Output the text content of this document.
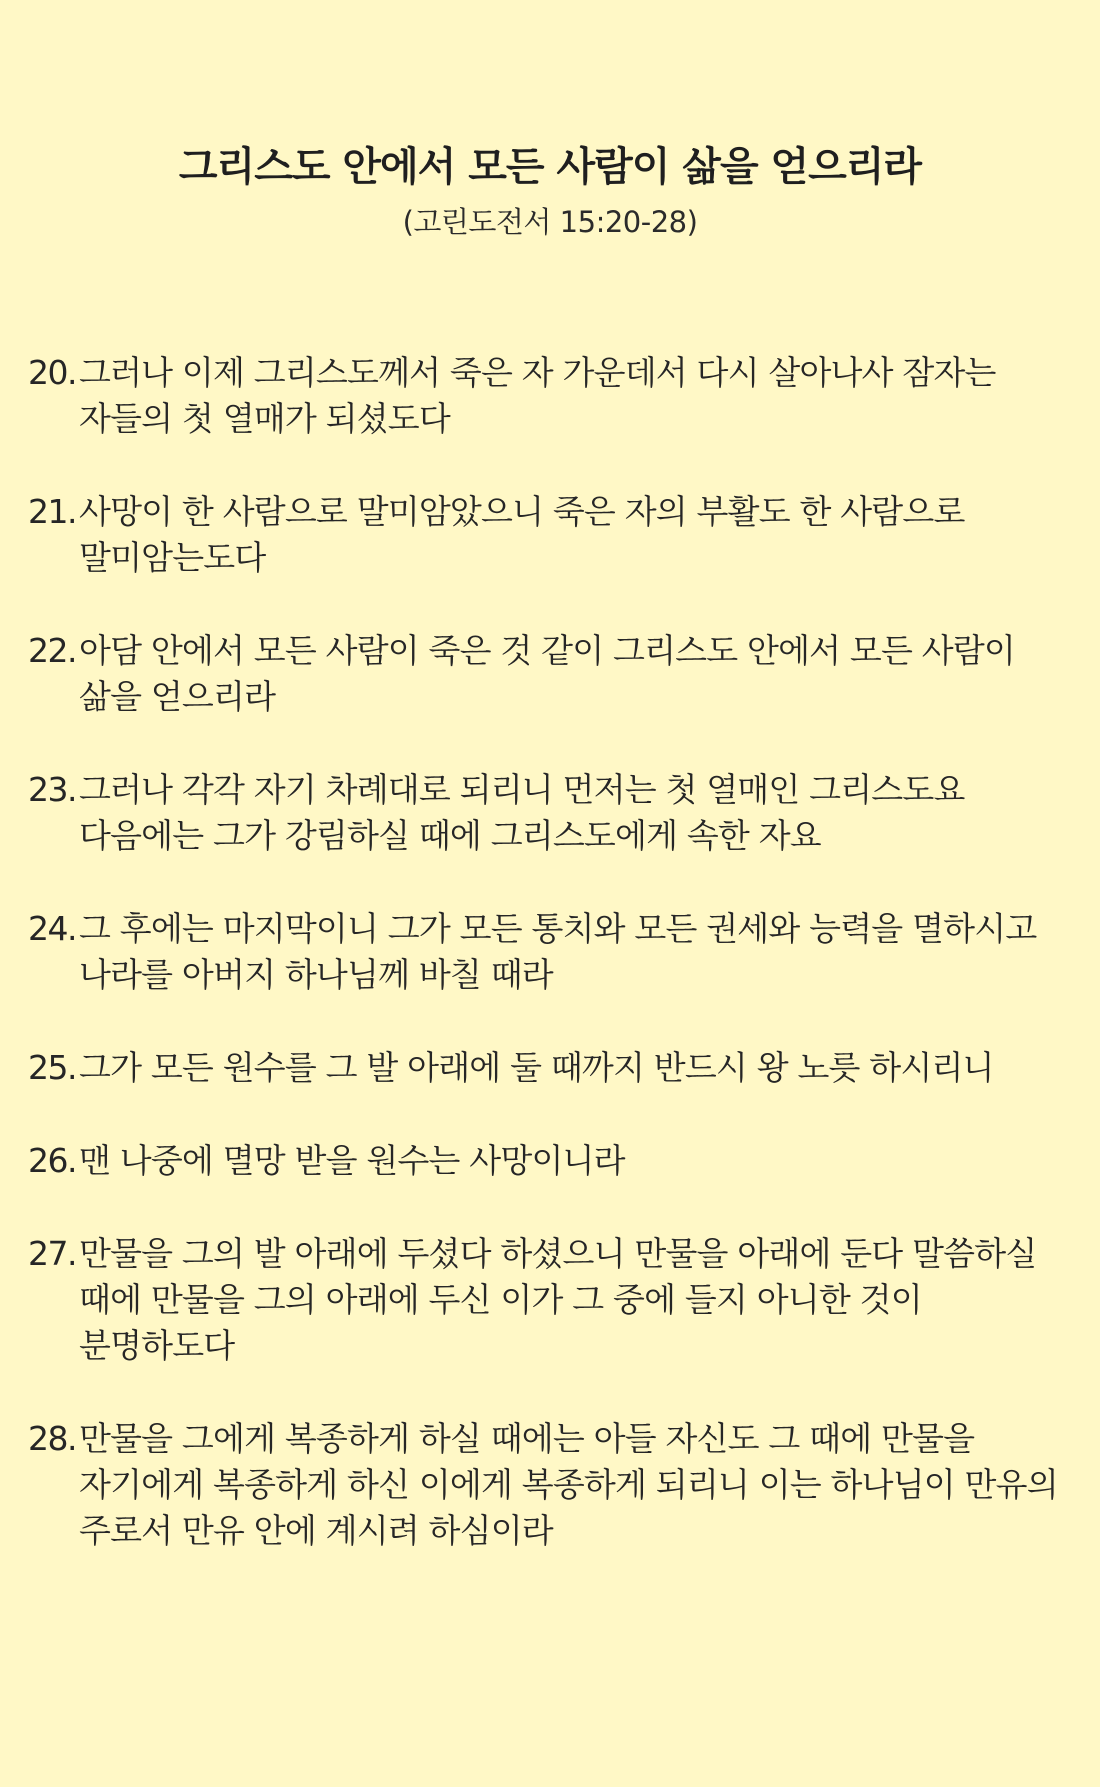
그리스도 안에서 모든 사람이 삶을 얻으리라

(고린도전서 15:20-28)

20. 그러나 이제 그리스도께서 죽은 자 가운데서 다시 살아나사 잠자는 자들의 첫 열매가 되셨도다
21. 사망이 한 사람으로 말미암았으니 죽은 자의 부활도 한 사람으로 말미암는도다
22. 아담 안에서 모든 사람이 죽은 것 같이 그리스도 안에서 모든 사람이 삶을 얻으리라
23. 그러나 각각 자기 차례대로 되리니 먼저는 첫 열매인 그리스도요 다음에는 그가 강림하실 때에 그리스도에게 속한 자요
24. 그 후에는 마지막이니 그가 모든 통치와 모든 권세와 능력을 멸하시고 나라를 아버지 하나님께 바칠 때라
25. 그가 모든 원수를 그 발 아래에 둘 때까지 반드시 왕 노릇 하시리니
26. 맨 나중에 멸망 받을 원수는 사망이니라
27. 만물을 그의 발 아래에 두셨다 하셨으니 만물을 아래에 둔다 말씀하실 때에 만물을 그의 아래에 두신 이가 그 중에 들지 아니한 것이 분명하도다
28. 만물을 그에게 복종하게 하실 때에는 아들 자신도 그 때에 만물을 자기에게 복종하게 하신 이에게 복종하게 되리니 이는 하나님이 만유의 주로서 만유 안에 계시려 하심이라
